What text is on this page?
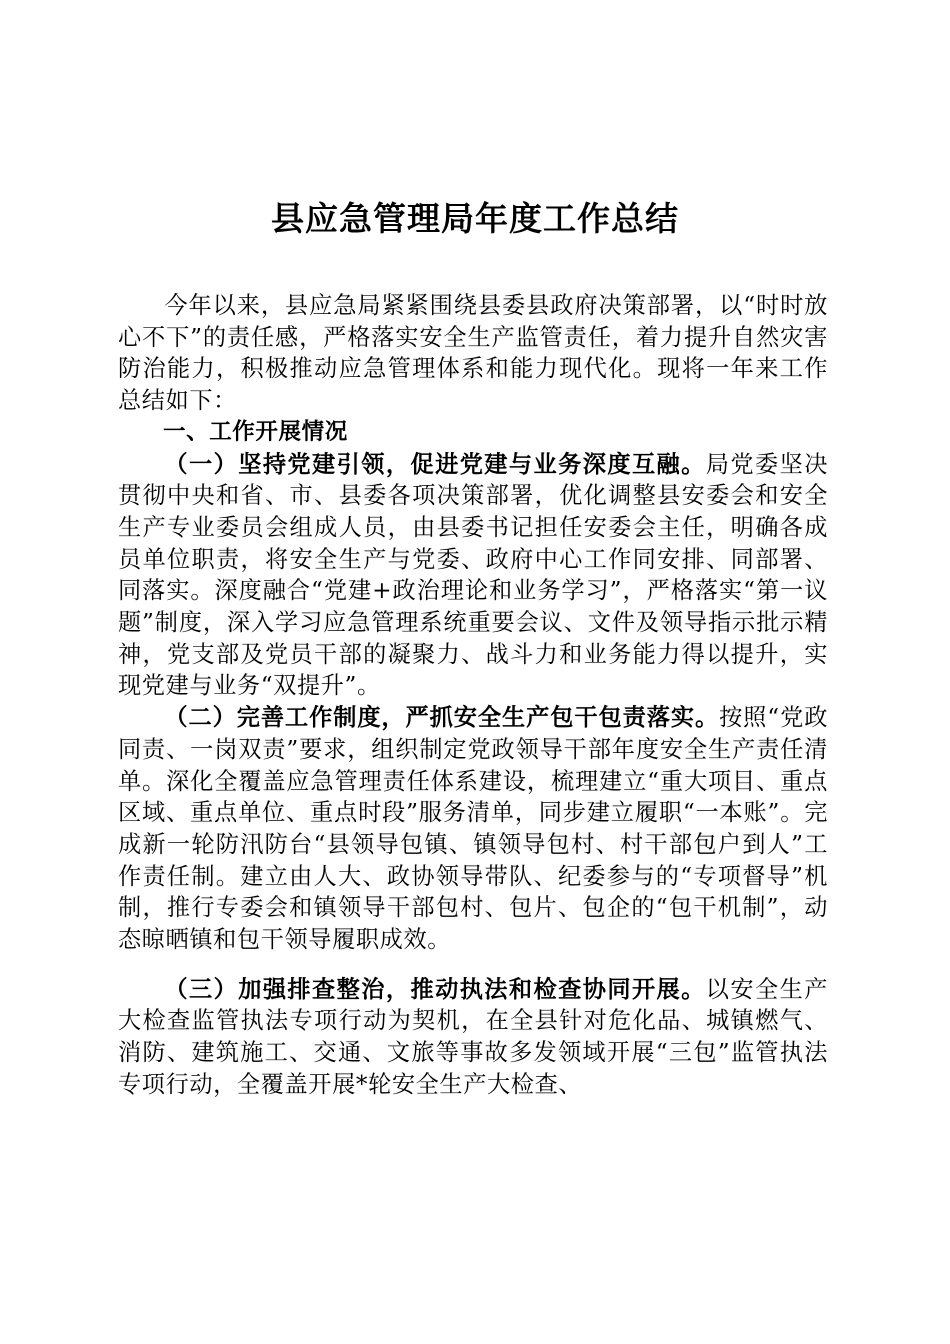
县应急管理局年度工作总结

今年以来，县应急局紧紧围绕县委县政府决策部署，以“时时放心不下”的责任感，严格落实安全生产监管责任，着力提升自然灾害防治能力，积极推动应急管理体系和能力现代化。现将一年来工作总结如下：

一、工作开展情况

（一）坚持党建引领，促进党建与业务深度互融。局党委坚决贯彻中央和省、市、县委各项决策部署，优化调整县安委会和安全生产专业委员会组成人员，由县委书记担任安委会主任，明确各成员单位职责，将安全生产与党委、政府中心工作同安排、同部署、同落实。深度融合“党建+政治理论和业务学习”，严格落实“第一议题”制度，深入学习应急管理系统重要会议、文件及领导指示批示精神，党支部及党员干部的凝聚力、战斗力和业务能力得以提升，实现党建与业务“双提升”。

（二）完善工作制度，严抓安全生产包干包责落实。按照“党政同责、一岗双责”要求，组织制定党政领导干部年度安全生产责任清单。深化全覆盖应急管理责任体系建设，梳理建立“重大项目、重点区域、重点单位、重点时段”服务清单，同步建立履职“一本账”。完成新一轮防汛防台“县领导包镇、镇领导包村、村干部包户到人”工作责任制。建立由人大、政协领导带队、纪委参与的“专项督导”机制，推行专委会和镇领导干部包村、包片、包企的“包干机制”，动态晾晒镇和包干领导履职成效。

（三）加强排查整治，推动执法和检查协同开展。以安全生产大检查监管执法专项行动为契机，在全县针对危化品、城镇燃气、消防、建筑施工、交通、文旅等事故多发领域开展“三包”监管执法专项行动，全覆盖开展*轮安全生产大检查、
